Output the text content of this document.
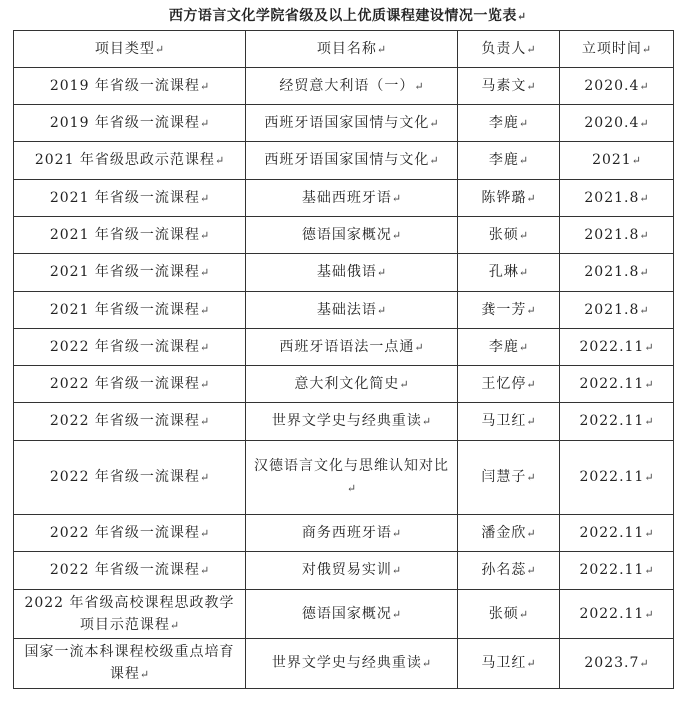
西方语言文化学院省级及以上优质课程建设情况一览表↵
项目类型↵	项目名称↵	负责人↵	立项时间↵
2019 年省级一流课程↵	经贸意大利语（一）↵	马素文↵	2020.4↵
2019 年省级一流课程↵	西班牙语国家国情与文化↵	李鹿↵	2020.4↵
2021 年省级思政示范课程↵	西班牙语国家国情与文化↵	李鹿↵	2021↵
2021 年省级一流课程↵	基础西班牙语↵	陈铧璐↵	2021.8↵
2021 年省级一流课程↵	德语国家概况↵	张硕↵	2021.8↵
2021 年省级一流课程↵	基础俄语↵	孔琳↵	2021.8↵
2021 年省级一流课程↵	基础法语↵	龚一芳↵	2021.8↵
2022 年省级一流课程↵	西班牙语语法一点通↵	李鹿↵	2022.11↵
2022 年省级一流课程↵	意大利文化简史↵	王忆停↵	2022.11↵
2022 年省级一流课程↵	世界文学史与经典重读↵	马卫红↵	2022.11↵
2022 年省级一流课程↵	汉德语言文化与思维认知对比↵	闫慧子↵	2022.11↵
2022 年省级一流课程↵	商务西班牙语↵	潘金欣↵	2022.11↵
2022 年省级一流课程↵	对俄贸易实训↵	孙名蕊↵	2022.11↵
2022 年省级高校课程思政教学项目示范课程↵	德语国家概况↵	张硕↵	2022.11↵
国家一流本科课程校级重点培育课程↵	世界文学史与经典重读↵	马卫红↵	2023.7↵
